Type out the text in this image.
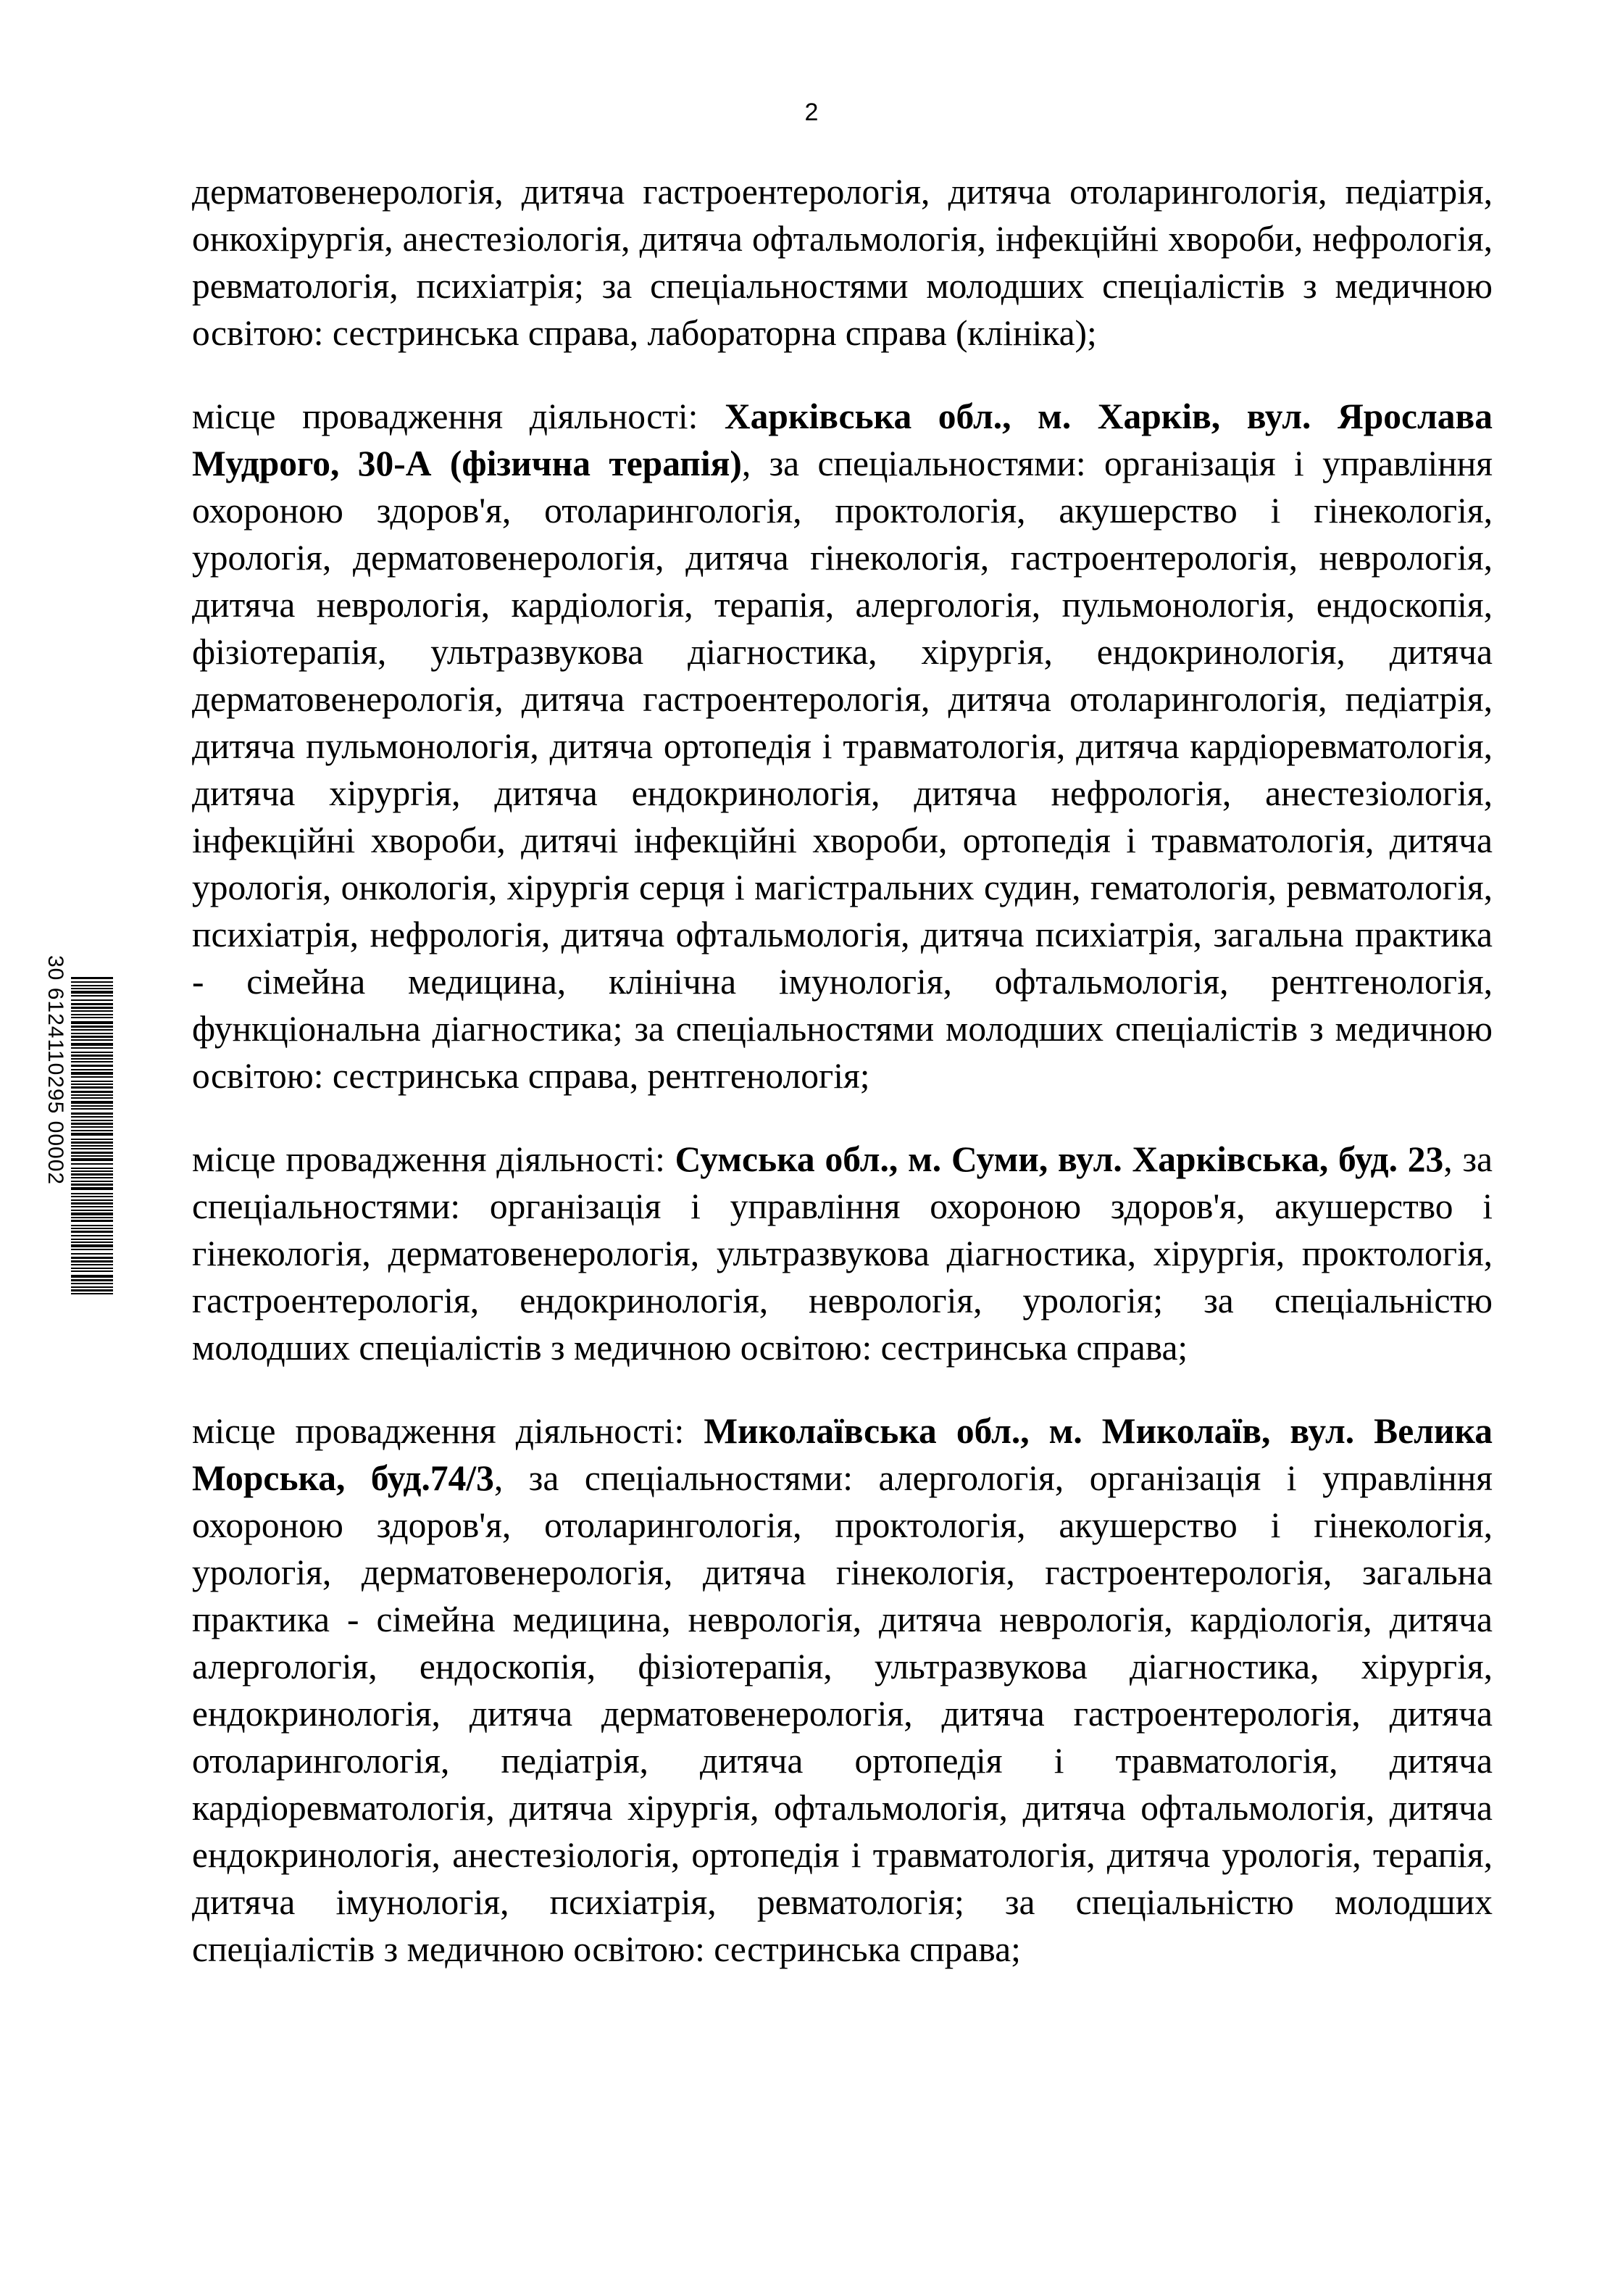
2

дерматовенерологія, дитяча гастроентерологія, дитяча отоларингологія, педіатрія, онкохірургія, анестезіологія, дитяча офтальмологія, інфекційні хвороби, нефрологія, ревматологія, психіатрія; за спеціальностями молодших спеціалістів з медичною освітою: сестринська справа, лабораторна справа (клініка);

місце провадження діяльності: Харківська обл., м. Харків, вул. Ярослава Мудрого, 30-А (фізична терапія), за спеціальностями: організація і управління охороною здоров'я, отоларингологія, проктологія, акушерство і гінекологія, урологія, дерматовенерологія, дитяча гінекологія, гастроентерологія, неврологія, дитяча неврологія, кардіологія, терапія, алергологія, пульмонологія, ендоскопія, фізіотерапія, ультразвукова діагностика, хірургія, ендокринологія, дитяча дерматовенерологія, дитяча гастроентерологія, дитяча отоларингологія, педіатрія, дитяча пульмонологія, дитяча ортопедія і травматологія, дитяча кардіоревматологія, дитяча хірургія, дитяча ендокринологія, дитяча нефрологія, анестезіологія, інфекційні хвороби, дитячі інфекційні хвороби, ортопедія і травматологія, дитяча урологія, онкологія, хірургія серця і магістральних судин, гематологія, ревматологія, психіатрія, нефрологія, дитяча офтальмологія, дитяча психіатрія, загальна практика - сімейна медицина, клінічна імунологія, офтальмологія, рентгенологія, функціональна діагностика; за спеціальностями молодших спеціалістів з медичною освітою: сестринська справа, рентгенологія;

місце провадження діяльності: Сумська обл., м. Суми, вул. Харківська, буд. 23, за спеціальностями: організація і управління охороною здоров'я, акушерство і гінекологія, дерматовенерологія, ультразвукова діагностика, хірургія, проктологія, гастроентерологія, ендокринологія, неврологія, урологія; за спеціальністю молодших спеціалістів з медичною освітою: сестринська справа;

місце провадження діяльності: Миколаївська обл., м. Миколаїв, вул. Велика Морська, буд.74/3, за спеціальностями: алергологія, організація і управління охороною здоров'я, отоларингологія, проктологія, акушерство і гінекологія, урологія, дерматовенерологія, дитяча гінекологія, гастроентерологія, загальна практика - сімейна медицина, неврологія, дитяча неврологія, кардіологія, дитяча алергологія, ендоскопія, фізіотерапія, ультразвукова діагностика, хірургія, ендокринологія, дитяча дерматовенерологія, дитяча гастроентерологія, дитяча отоларингологія, педіатрія, дитяча ортопедія і травматологія, дитяча кардіоревматологія, дитяча хірургія, офтальмологія, дитяча офтальмологія, дитяча ендокринологія, анестезіологія, ортопедія і травматологія, дитяча урологія, терапія, дитяча імунологія, психіатрія, ревматологія; за спеціальністю молодших спеціалістів з медичною освітою: сестринська справа;

30 6124110295 00002
